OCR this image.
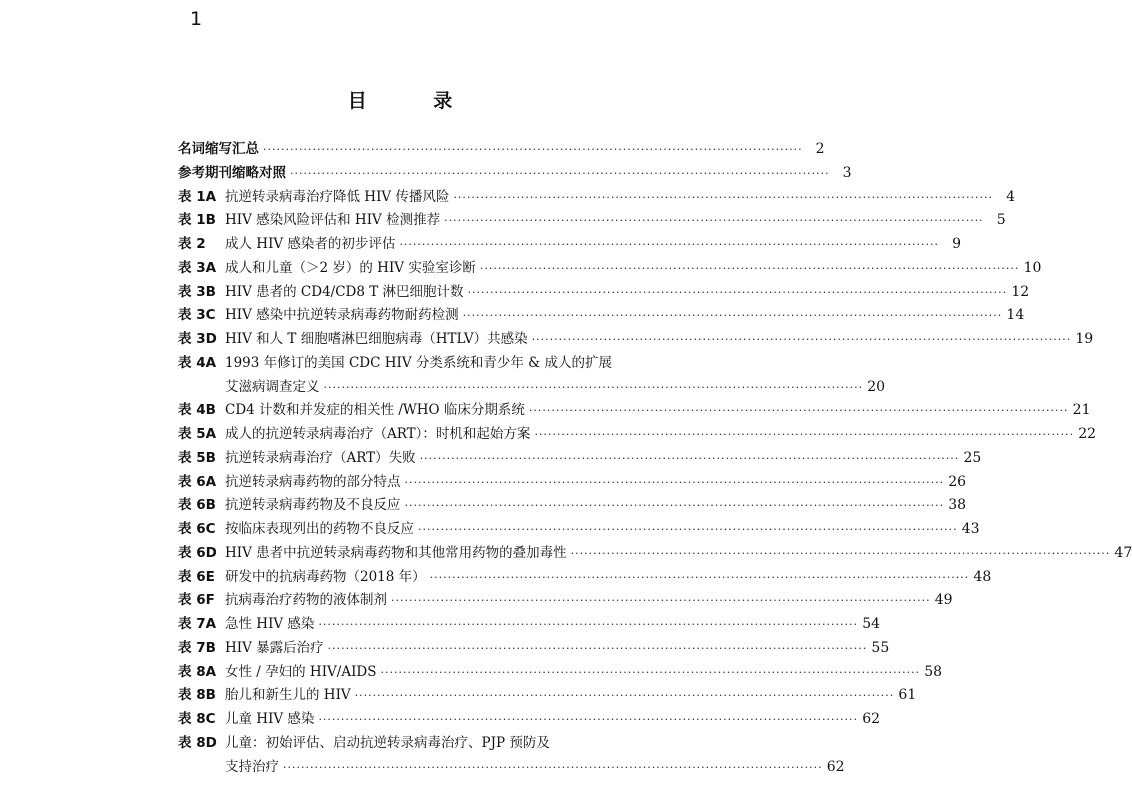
1
目 录
名词缩写汇总 ························································································································ 2
参考期刊缩略对照 ························································································································ 3
表 1A 抗逆转录病毒治疗降低 HIV 传播风险 ························································································································ 4
表 1B HIV 感染风险评估和 HIV 检测推荐 ························································································································ 5
表 2 成人 HIV 感染者的初步评估 ························································································································ 9
表 3A 成人和儿童（＞2 岁）的 HIV 实验室诊断 ························································································································ 10
表 3B HIV 患者的 CD4/CD8 T 淋巴细胞计数 ························································································································ 12
表 3C HIV 感染中抗逆转录病毒药物耐药检测 ························································································································ 14
表 3D HIV 和人 T 细胞嗜淋巴细胞病毒（HTLV）共感染 ························································································································ 19
表 4A 1993 年修订的美国 CDC HIV 分类系统和青少年 & 成人的扩展
艾滋病调查定义 ························································································································ 20
表 4B CD4 计数和并发症的相关性 /WHO 临床分期系统 ························································································································ 21
表 5A 成人的抗逆转录病毒治疗（ART）：时机和起始方案 ························································································································ 22
表 5B 抗逆转录病毒治疗（ART）失败 ························································································································ 25
表 6A 抗逆转录病毒药物的部分特点 ························································································································ 26
表 6B 抗逆转录病毒药物及不良反应 ························································································································ 38
表 6C 按临床表现列出的药物不良反应 ························································································································ 43
表 6D HIV 患者中抗逆转录病毒药物和其他常用药物的叠加毒性 ························································································································ 47
表 6E 研发中的抗病毒药物（2018 年） ························································································································ 48
表 6F 抗病毒治疗药物的液体制剂 ························································································································ 49
表 7A 急性 HIV 感染 ························································································································ 54
表 7B HIV 暴露后治疗 ························································································································ 55
表 8A 女性 / 孕妇的 HIV/AIDS ························································································································ 58
表 8B 胎儿和新生儿的 HIV ························································································································ 61
表 8C 儿童 HIV 感染 ························································································································ 62
表 8D 儿童：初始评估、启动抗逆转录病毒治疗、PJP 预防及
支持治疗 ························································································································ 62
